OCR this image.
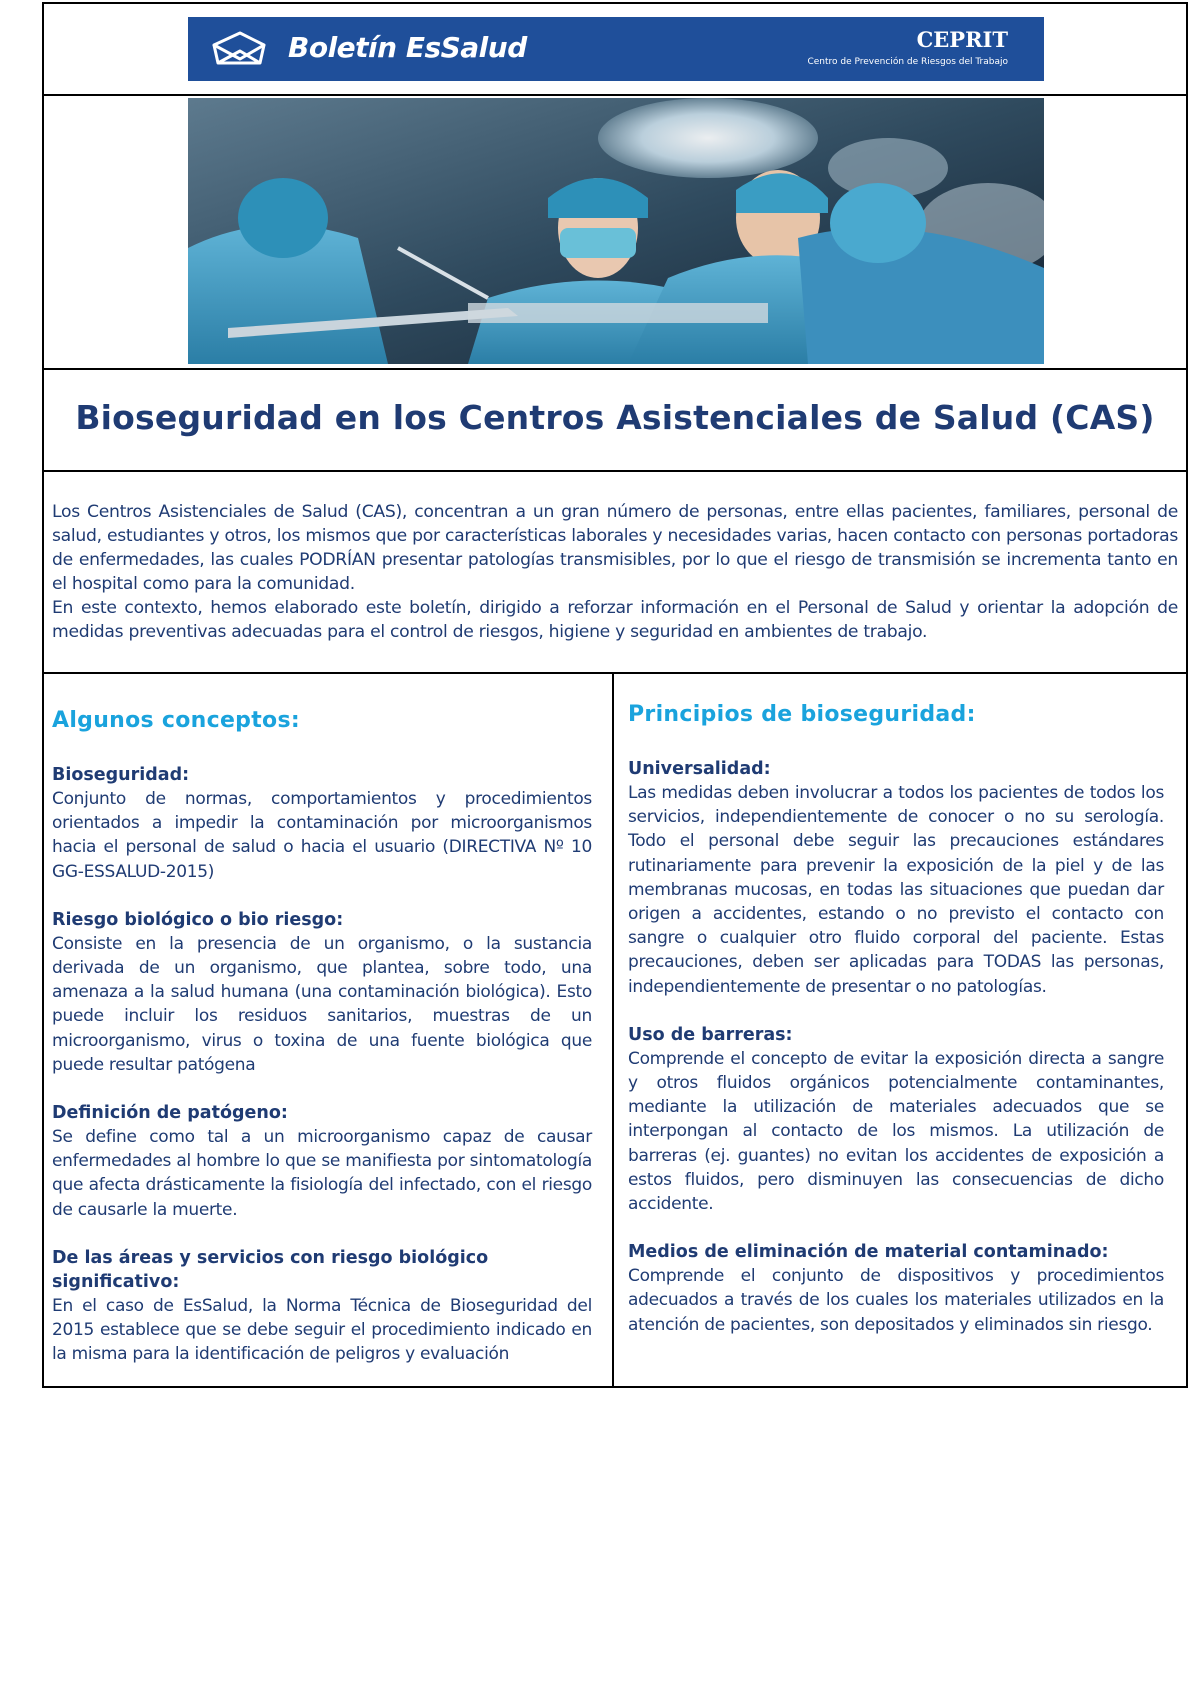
Boletín EsSalud	CEPRIT
Centro de Prevención de Riesgos del Trabajo
Bioseguridad en los Centros Asistenciales de Salud (CAS)

Los Centros Asistenciales de Salud (CAS), concentran a un gran número de personas, entre ellas pacientes, familiares, personal de salud, estudiantes y otros, los mismos que por características laborales y necesidades varias, hacen contacto con personas portadoras de enfermedades, las cuales PODRÍAN presentar patologías transmisibles, por lo que el riesgo de transmisión se incrementa tanto en el hospital como para la comunidad.

En este contexto, hemos elaborado este boletín, dirigido a reforzar información en el Personal de Salud y orientar la adopción de medidas preventivas adecuadas para el control de riesgos, higiene y seguridad en ambientes de trabajo.

Algunos conceptos:
Bioseguridad:
Conjunto de normas, comportamientos y procedimientos orientados a impedir la contaminación por microorganismos hacia el personal de salud o hacia el usuario (DIRECTIVA Nº 10 GG-ESSALUD-2015)
Riesgo biológico o bio riesgo:
Consiste en la presencia de un organismo, o la sustancia derivada de un organismo, que plantea, sobre todo, una amenaza a la salud humana (una contaminación biológica). Esto puede incluir los residuos sanitarios, muestras de un microorganismo, virus o toxina de una fuente biológica que puede resultar patógena
Definición de patógeno:
Se define como tal a un microorganismo capaz de causar enfermedades al hombre lo que se manifiesta por sintomatología que afecta drásticamente la fisiología del infectado, con el riesgo de causarle la muerte.
De las áreas y servicios con riesgo biológico significativo:
En el caso de EsSalud, la Norma Técnica de Bioseguridad del 2015 establece que se debe seguir el procedimiento indicado en la misma para la identificación de peligros y evaluación
Principios de bioseguridad:
Universalidad:
Las medidas deben involucrar a todos los pacientes de todos los servicios, independientemente de conocer o no su serología. Todo el personal debe seguir las precauciones estándares rutinariamente para prevenir la exposición de la piel y de las membranas mucosas, en todas las situaciones que puedan dar origen a accidentes, estando o no previsto el contacto con sangre o cualquier otro fluido corporal del paciente. Estas precauciones, deben ser aplicadas para TODAS las personas, independientemente de presentar o no patologías.
Uso de barreras:
Comprende el concepto de evitar la exposición directa a sangre y otros fluidos orgánicos potencialmente contaminantes, mediante la utilización de materiales adecuados que se interpongan al contacto de los mismos. La utilización de barreras (ej. guantes) no evitan los accidentes de exposición a estos fluidos, pero disminuyen las consecuencias de dicho accidente.
Medios de eliminación de material contaminado:
Comprende el conjunto de dispositivos y procedimientos adecuados a través de los cuales los materiales utilizados en la atención de pacientes, son depositados y eliminados sin riesgo.
